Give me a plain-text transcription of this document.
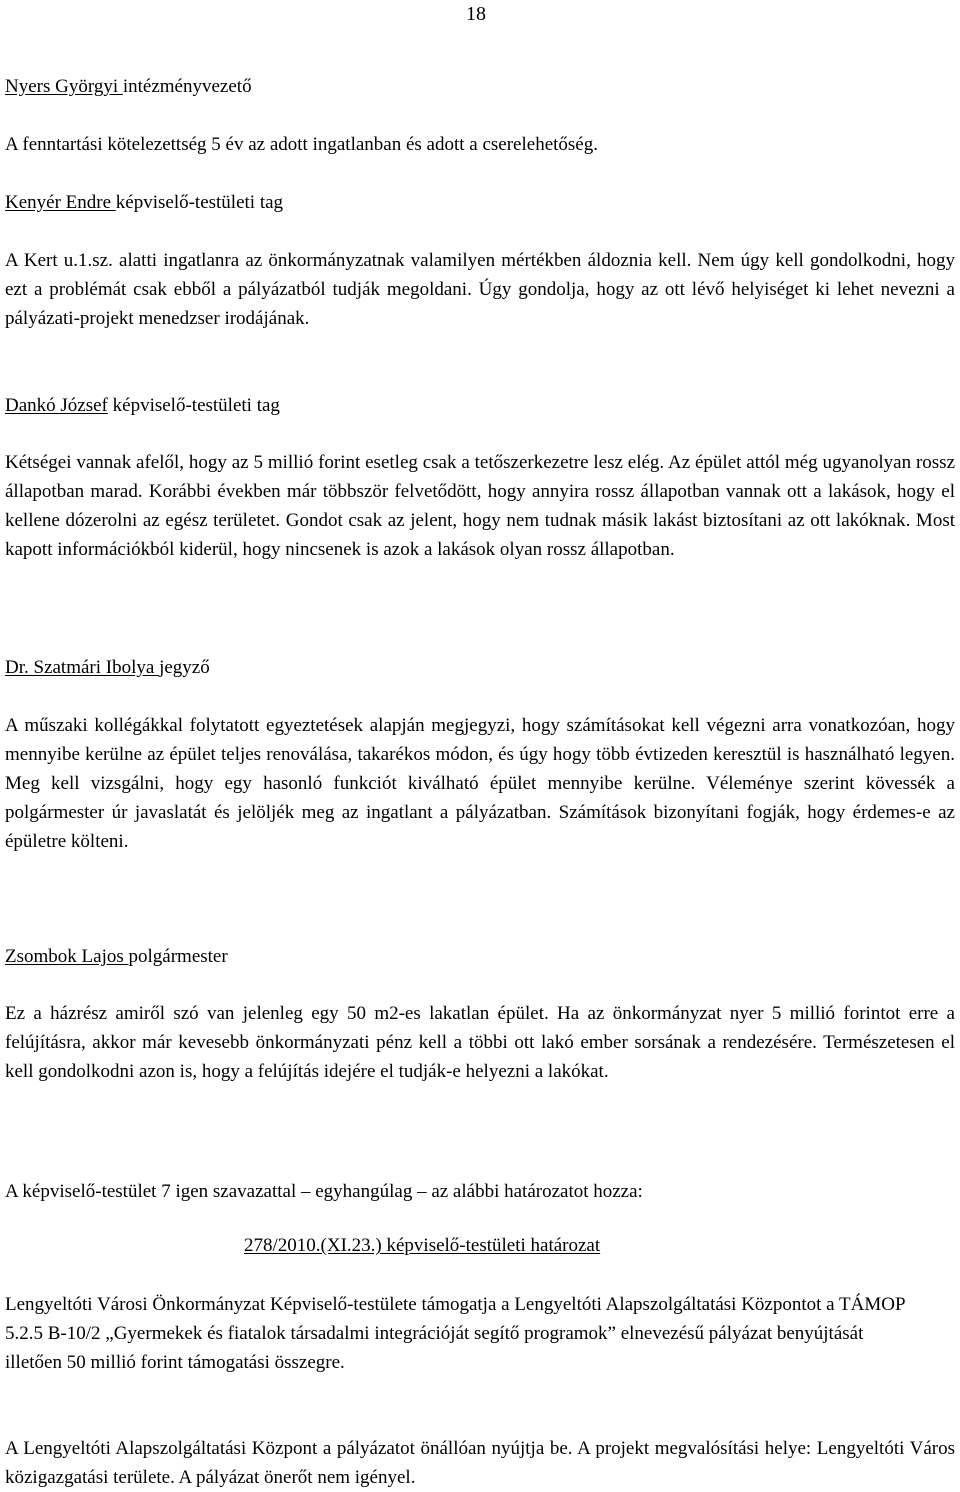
18
Nyers Györgyi intézményvezető
A fenntartási kötelezettség 5 év az adott ingatlanban és adott a cserelehetőség.
Kenyér Endre képviselő-testületi tag
A Kert u.1.sz. alatti ingatlanra az önkormányzatnak valamilyen mértékben áldoznia kell. Nem úgy kell gondolkodni, hogy ezt a problémát csak ebből a pályázatból tudják megoldani. Úgy gondolja, hogy az ott lévő helyiséget ki lehet nevezni a pályázati-projekt menedzser irodájának.
Dankó József képviselő-testületi tag
Kétségei vannak afelől, hogy az 5 millió forint esetleg csak a tetőszerkezetre lesz elég. Az épület attól még ugyanolyan rossz állapotban marad. Korábbi években már többször felvetődött, hogy annyira rossz állapotban vannak ott a lakások, hogy el kellene dózerolni az egész területet. Gondot csak az jelent, hogy nem tudnak másik lakást biztosítani az ott lakóknak. Most kapott információkból kiderül, hogy nincsenek is azok a lakások olyan rossz állapotban.
Dr. Szatmári Ibolya jegyző
A műszaki kollégákkal folytatott egyeztetések alapján megjegyzi, hogy számításokat kell végezni arra vonatkozóan, hogy mennyibe kerülne az épület teljes renoválása, takarékos módon, és úgy hogy több évtizeden keresztül is használható legyen. Meg kell vizsgálni, hogy egy hasonló funkciót kiválható épület mennyibe kerülne. Véleménye szerint kövessék a polgármester úr javaslatát és jelöljék meg az ingatlant a pályázatban. Számítások bizonyítani fogják, hogy érdemes-e az épületre költeni.
Zsombok Lajos polgármester
Ez a házrész amiről szó van jelenleg egy 50 m2-es lakatlan épület. Ha az önkormányzat nyer 5 millió forintot erre a felújításra, akkor már kevesebb önkormányzati pénz kell a többi ott lakó ember sorsának a rendezésére. Természetesen el kell gondolkodni azon is, hogy a felújítás idejére el tudják-e helyezni a lakókat.
A képviselő-testület 7 igen szavazattal – egyhangúlag – az alábbi határozatot hozza:
278/2010.(XI.23.) képviselő-testületi határozat
Lengyeltóti Városi Önkormányzat Képviselő-testülete támogatja a Lengyeltóti Alapszolgáltatási Központot a TÁMOP 5.2.5 B-10/2 „Gyermekek és fiatalok társadalmi integrációját segítő programok” elnevezésű pályázat benyújtását illetően 50 millió forint támogatási összegre.
A Lengyeltóti Alapszolgáltatási Központ a pályázatot önállóan nyújtja be. A projekt megvalósítási helye: Lengyeltóti Város közigazgatási területe. A pályázat önerőt nem igényel.
